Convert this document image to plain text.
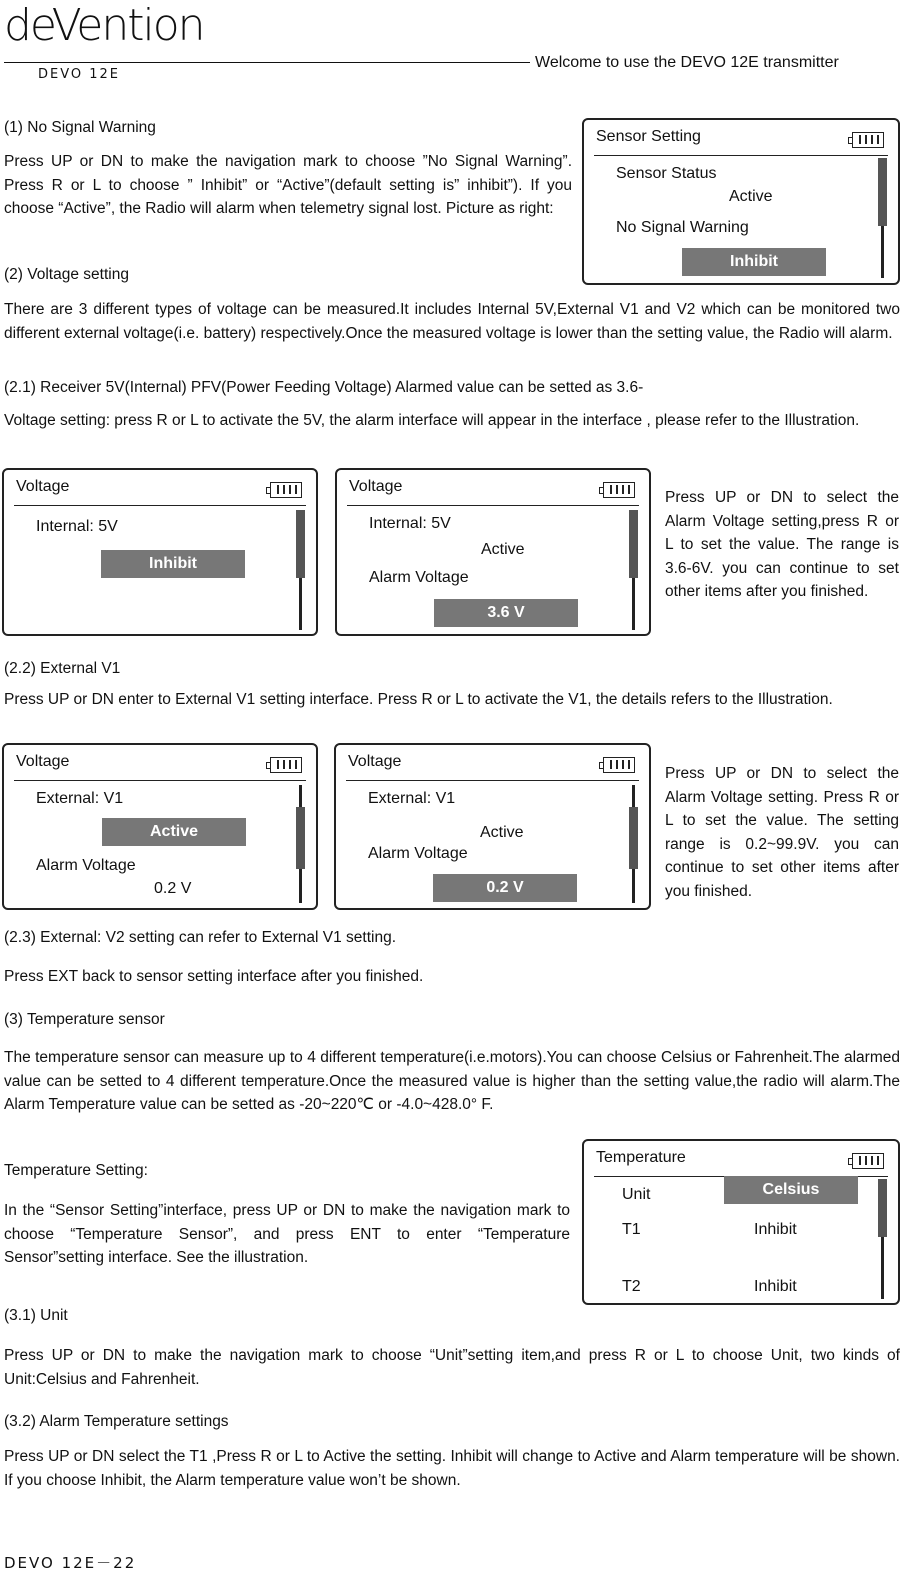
deVention
DEVO 12E
Welcome to use the DEVO 12E transmitter

(1) No Signal Warning

Press UP or DN to make the navigation mark to choose ”No Signal Warning”. Press R or L to choose ” Inhibit” or “Active”(default setting is” inhibit”). If you choose “Active”, the Radio will alarm when telemetry signal lost. Picture as right:

Sensor Setting
Sensor Status
Active
No Signal Warning
Inhibit

(2) Voltage setting

There are 3 different types of voltage can be measured.It includes Internal 5V,External V1 and V2 which can be monitored two different external voltage(i.e. battery) respectively.Once the measured voltage is lower than the setting value, the Radio will alarm.

(2.1) Receiver 5V(Internal) PFV(Power Feeding Voltage) Alarmed value can be setted as 3.6-

Voltage setting: press R or L to activate the 5V, the alarm interface will appear in the interface , please refer to the Illustration.

Voltage
Internal: 5V
Inhibit
Voltage
Internal: 5V
Active
Alarm Voltage
3.6 V

Press UP or DN to select the Alarm Voltage setting,press R or L to set the value. The range is 3.6-6V. you can continue to set other items after you finished.

(2.2) External V1

Press UP or DN enter to External V1 setting interface. Press R or L to activate the V1, the details refers to the Illustration.

Voltage
External: V1
Active
Alarm Voltage
0.2 V
Voltage
External: V1
Active
Alarm Voltage
0.2 V

Press UP or DN to select the Alarm Voltage setting. Press R or L to set the value. The setting range is 0.2~99.9V. you can continue to set other items after you finished.

(2.3) External: V2 setting can refer to External V1 setting.

Press EXT back to sensor setting interface after you finished.

(3) Temperature sensor

The temperature sensor can measure up to 4 different temperature(i.e.motors).You can choose Celsius or Fahrenheit.The alarmed value can be setted to 4 different temperature.Once the measured value is higher than the setting value,the radio will alarm.The Alarm Temperature value can be setted as -20~220℃ or -4.0~428.0° F.

Temperature Setting:

In the “Sensor Setting”interface, press UP or DN to make the navigation mark to choose “Temperature Sensor”, and press ENT to enter “Temperature Sensor”setting interface. See the illustration.

Temperature
Unit	Celsius
T1	Inhibit
T2	Inhibit

(3.1) Unit

Press UP or DN to make the navigation mark to choose “Unit”setting item,and press R or L to choose Unit, two kinds of Unit:Celsius and Fahrenheit.

(3.2) Alarm Temperature settings

Press UP or DN select the T1 ,Press R or L to Active the setting. Inhibit will change to Active and Alarm temperature will be shown. If you choose Inhibit, the Alarm temperature value won’t be shown.

DEVO 12E－22
